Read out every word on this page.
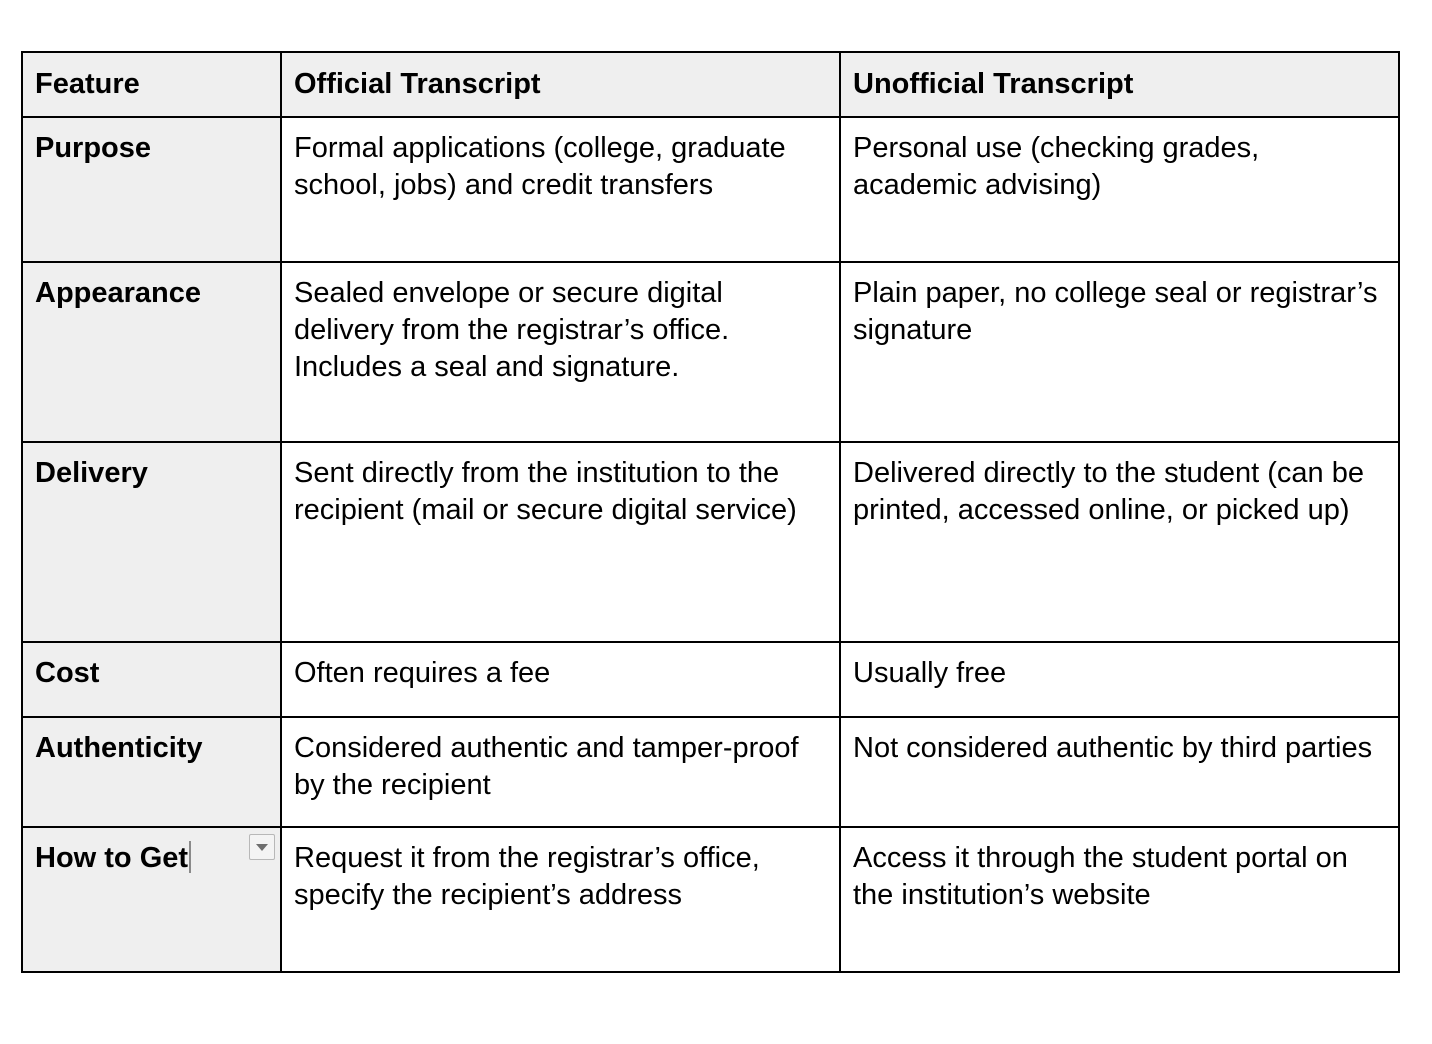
Feature	Official Transcript	Unofficial Transcript
Purpose	Formal applications (college, graduate school, jobs) and credit transfers	Personal use (checking grades, academic advising)
Appearance	Sealed envelope or secure digital delivery from the registrar’s office. Includes a seal and signature.	Plain paper, no college seal or registrar’s signature
Delivery	Sent directly from the institution to the recipient (mail or secure digital service)	Delivered directly to the student (can be printed, accessed online, or picked up)
Cost	Often requires a fee	Usually free
Authenticity	Considered authentic and tamper-proof by the recipient	Not considered authentic by third parties
How to Get	Request it from the registrar’s office, specify the recipient’s address	Access it through the student portal on the institution’s website
